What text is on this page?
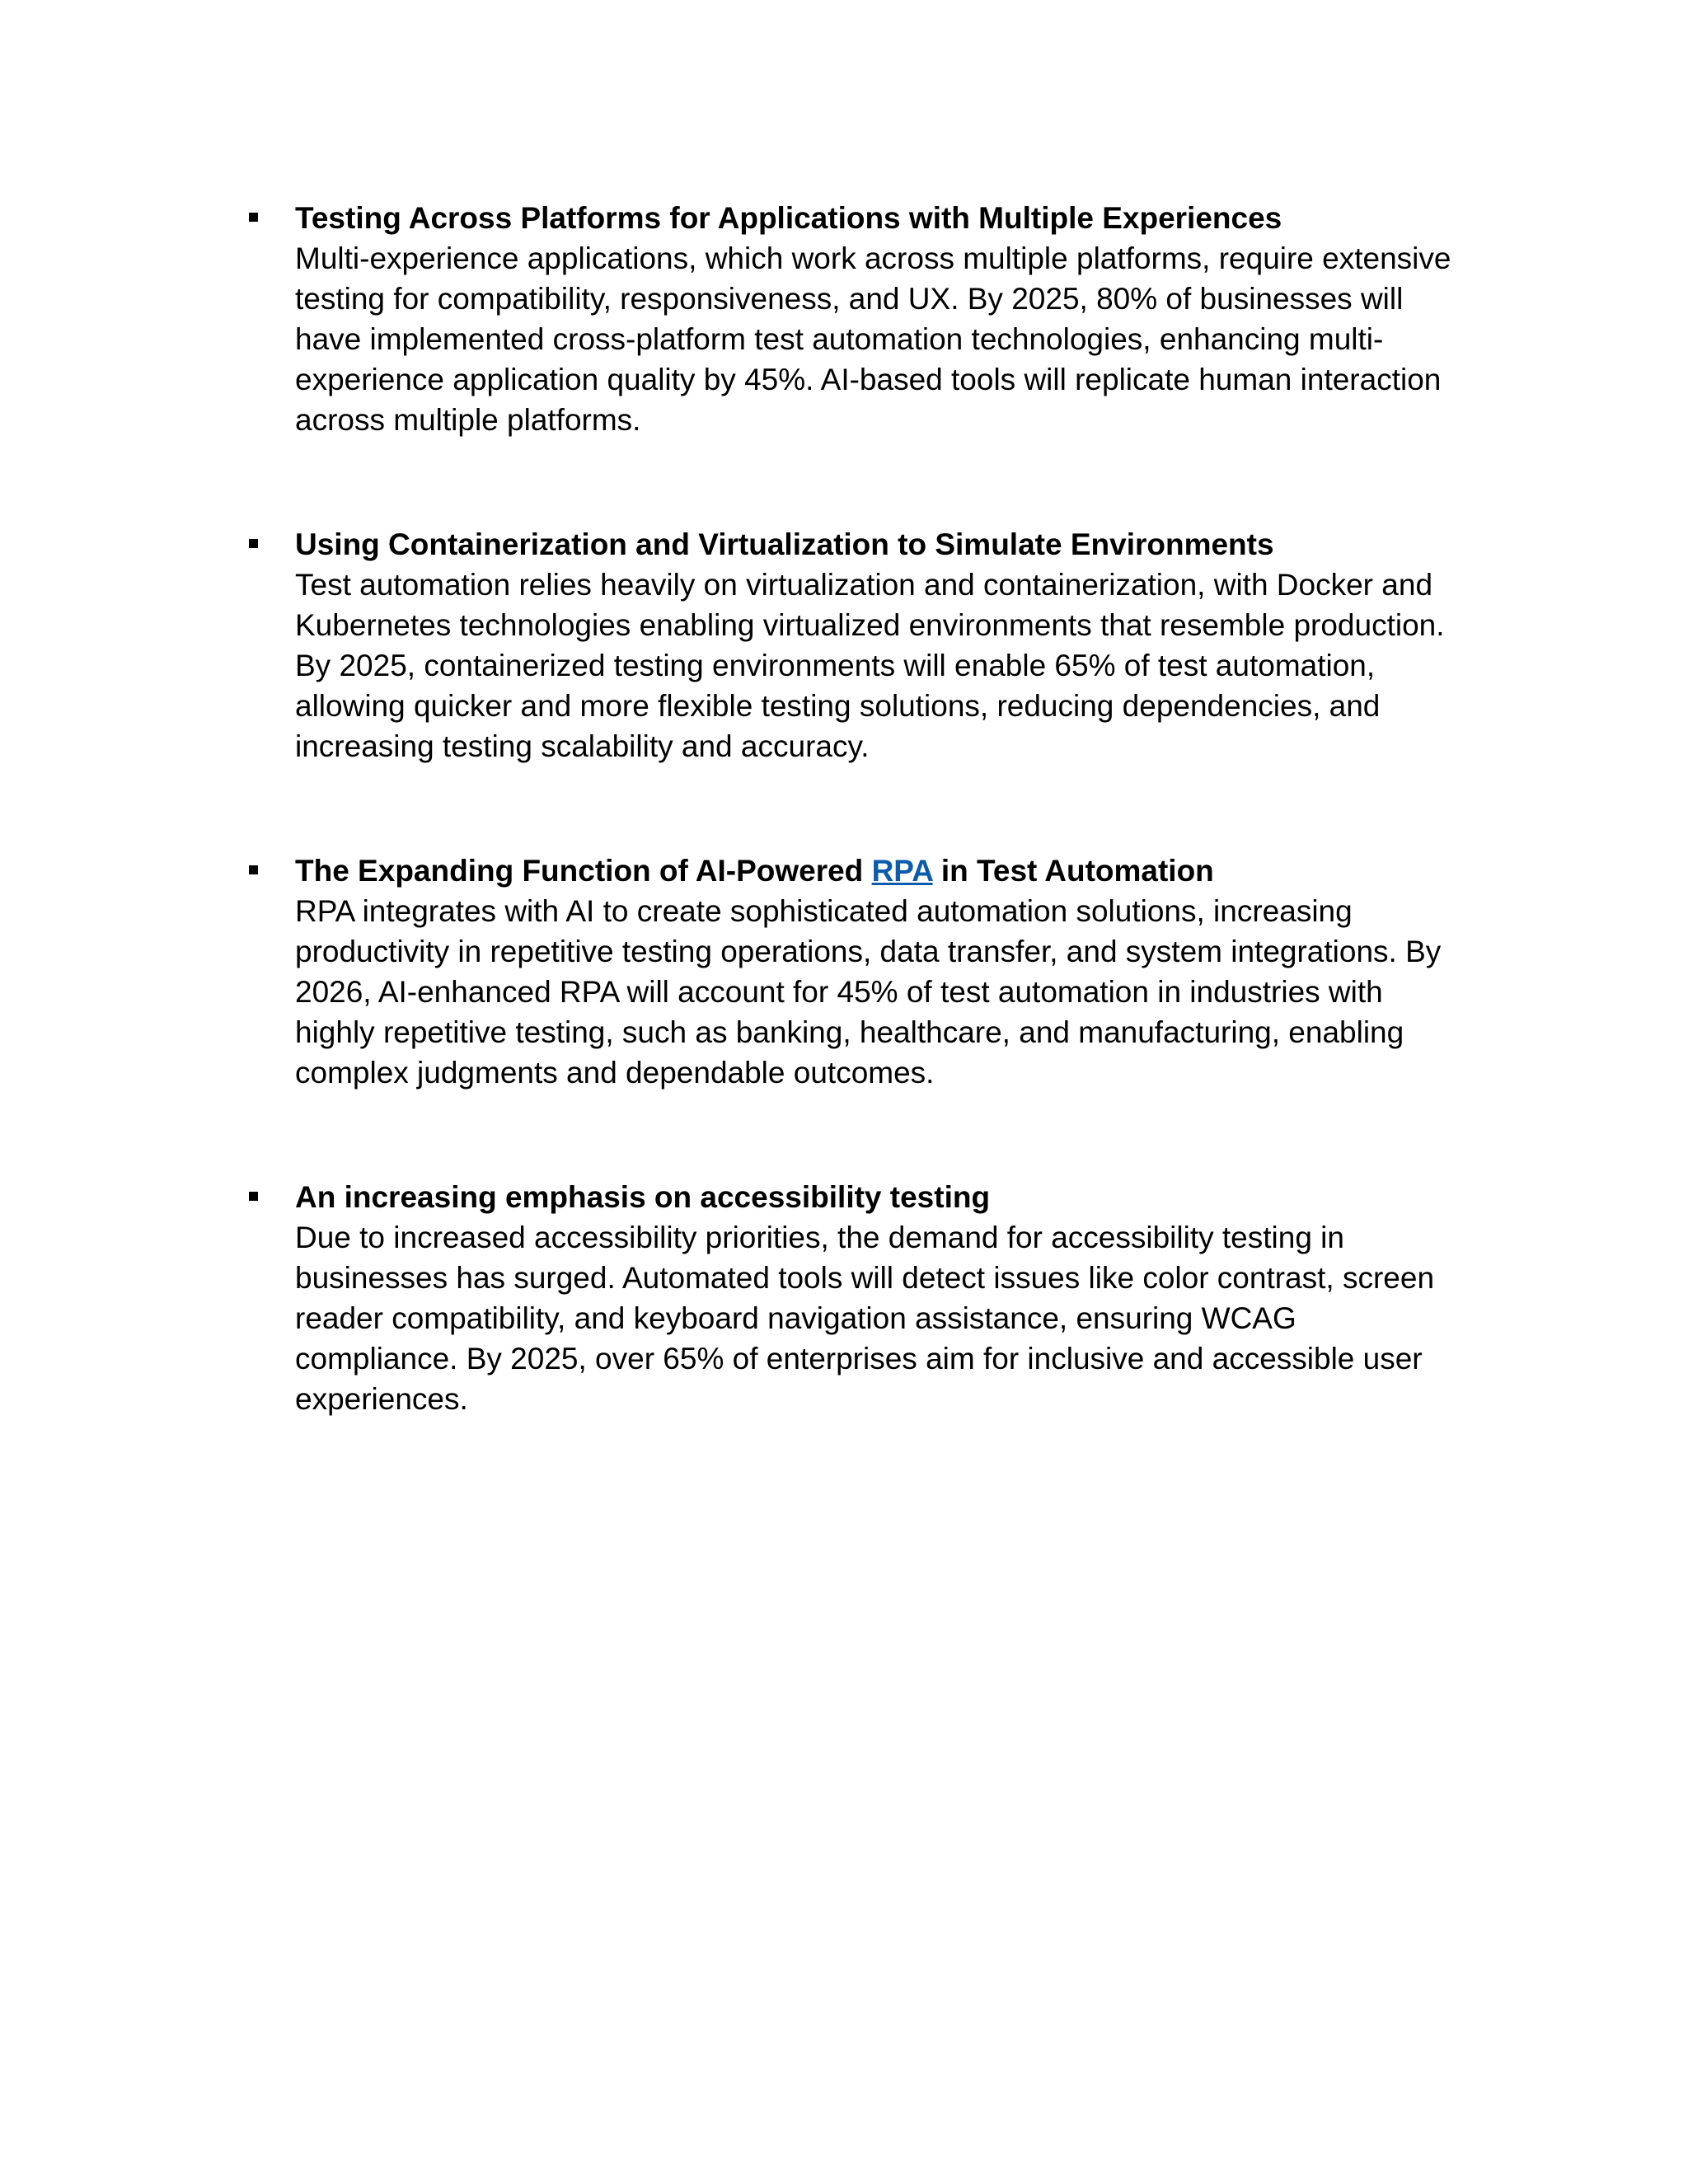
Testing Across Platforms for Applications with Multiple Experiences

Multi-experience applications, which work across multiple platforms, require extensive testing for compatibility, responsiveness, and UX. By 2025, 80% of businesses will have implemented cross-platform test automation technologies, enhancing multi-experience application quality by 45%. AI-based tools will replicate human interaction across multiple platforms.

Using Containerization and Virtualization to Simulate Environments

Test automation relies heavily on virtualization and containerization, with Docker and Kubernetes technologies enabling virtualized environments that resemble production. By 2025, containerized testing environments will enable 65% of test automation, allowing quicker and more flexible testing solutions, reducing dependencies, and increasing testing scalability and accuracy.

The Expanding Function of AI-Powered RPA in Test Automation

RPA integrates with AI to create sophisticated automation solutions, increasing productivity in repetitive testing operations, data transfer, and system integrations. By 2026, AI-enhanced RPA will account for 45% of test automation in industries with highly repetitive testing, such as banking, healthcare, and manufacturing, enabling complex judgments and dependable outcomes.

An increasing emphasis on accessibility testing

Due to increased accessibility priorities, the demand for accessibility testing in businesses has surged. Automated tools will detect issues like color contrast, screen reader compatibility, and keyboard navigation assistance, ensuring WCAG compliance. By 2025, over 65% of enterprises aim for inclusive and accessible user experiences.
